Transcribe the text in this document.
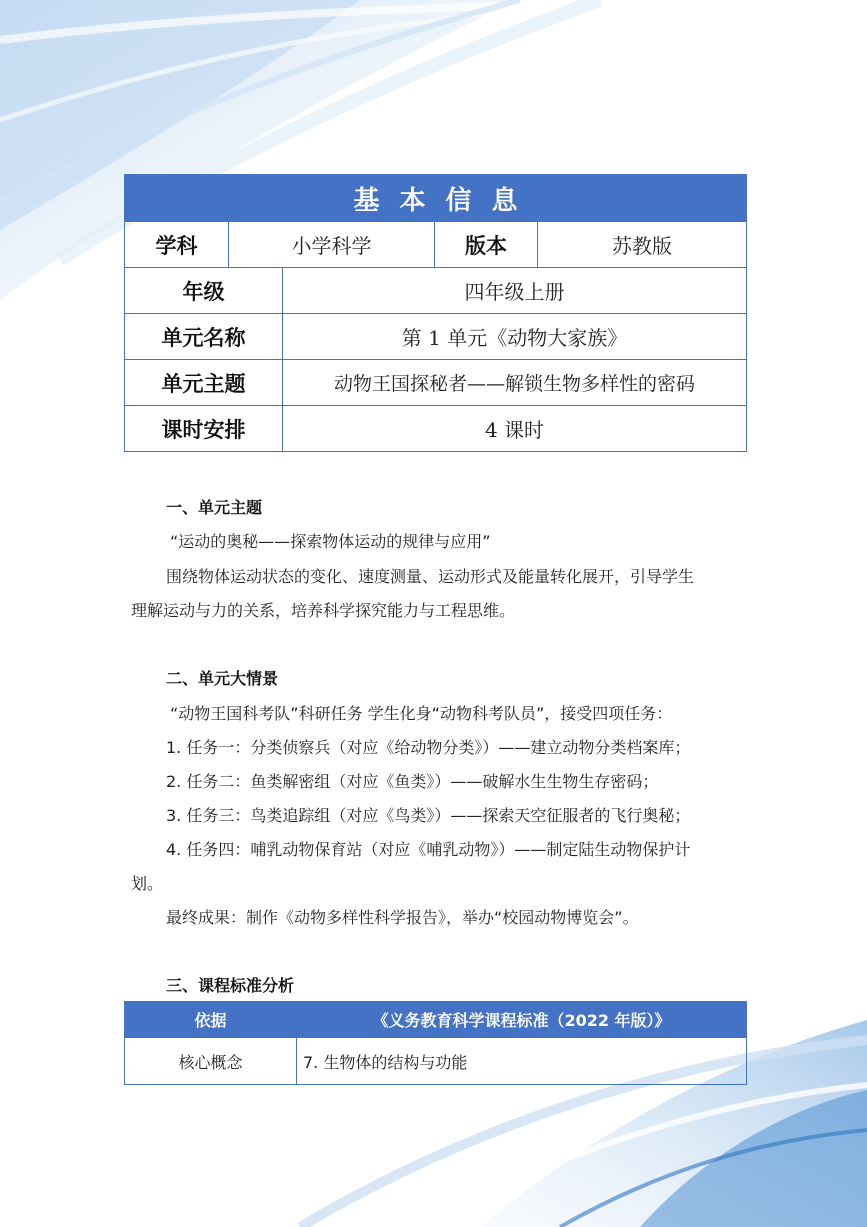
基本信息				
学科	小学科学		版本	苏教版
年级		四年级上册		
单元名称		第 1 单元《动物大家族》		
单元主题		动物王国探秘者——解锁生物多样性的密码		
课时安排		4 课时		
一、单元主题
“运动的奥秘——探索物体运动的规律与应用”
围绕物体运动状态的变化、速度测量、运动形式及能量转化展开，引导学生
理解运动与力的关系，培养科学探究能力与工程思维。
二、单元大情景
“动物王国科考队”科研任务 学生化身“动物科考队员”，接受四项任务：
1. 任务一：分类侦察兵（对应《给动物分类》）——建立动物分类档案库；
2. 任务二：鱼类解密组（对应《鱼类》）——破解水生生物生存密码；
3. 任务三：鸟类追踪组（对应《鸟类》）——探索天空征服者的飞行奥秘；
4. 任务四：哺乳动物保育站（对应《哺乳动物》）——制定陆生动物保护计
划。
最终成果：制作《动物多样性科学报告》，举办“校园动物博览会”。
三、课程标准分析
依据	《义务教育科学课程标准（2022 年版）》
核心概念	7. 生物体的结构与功能
